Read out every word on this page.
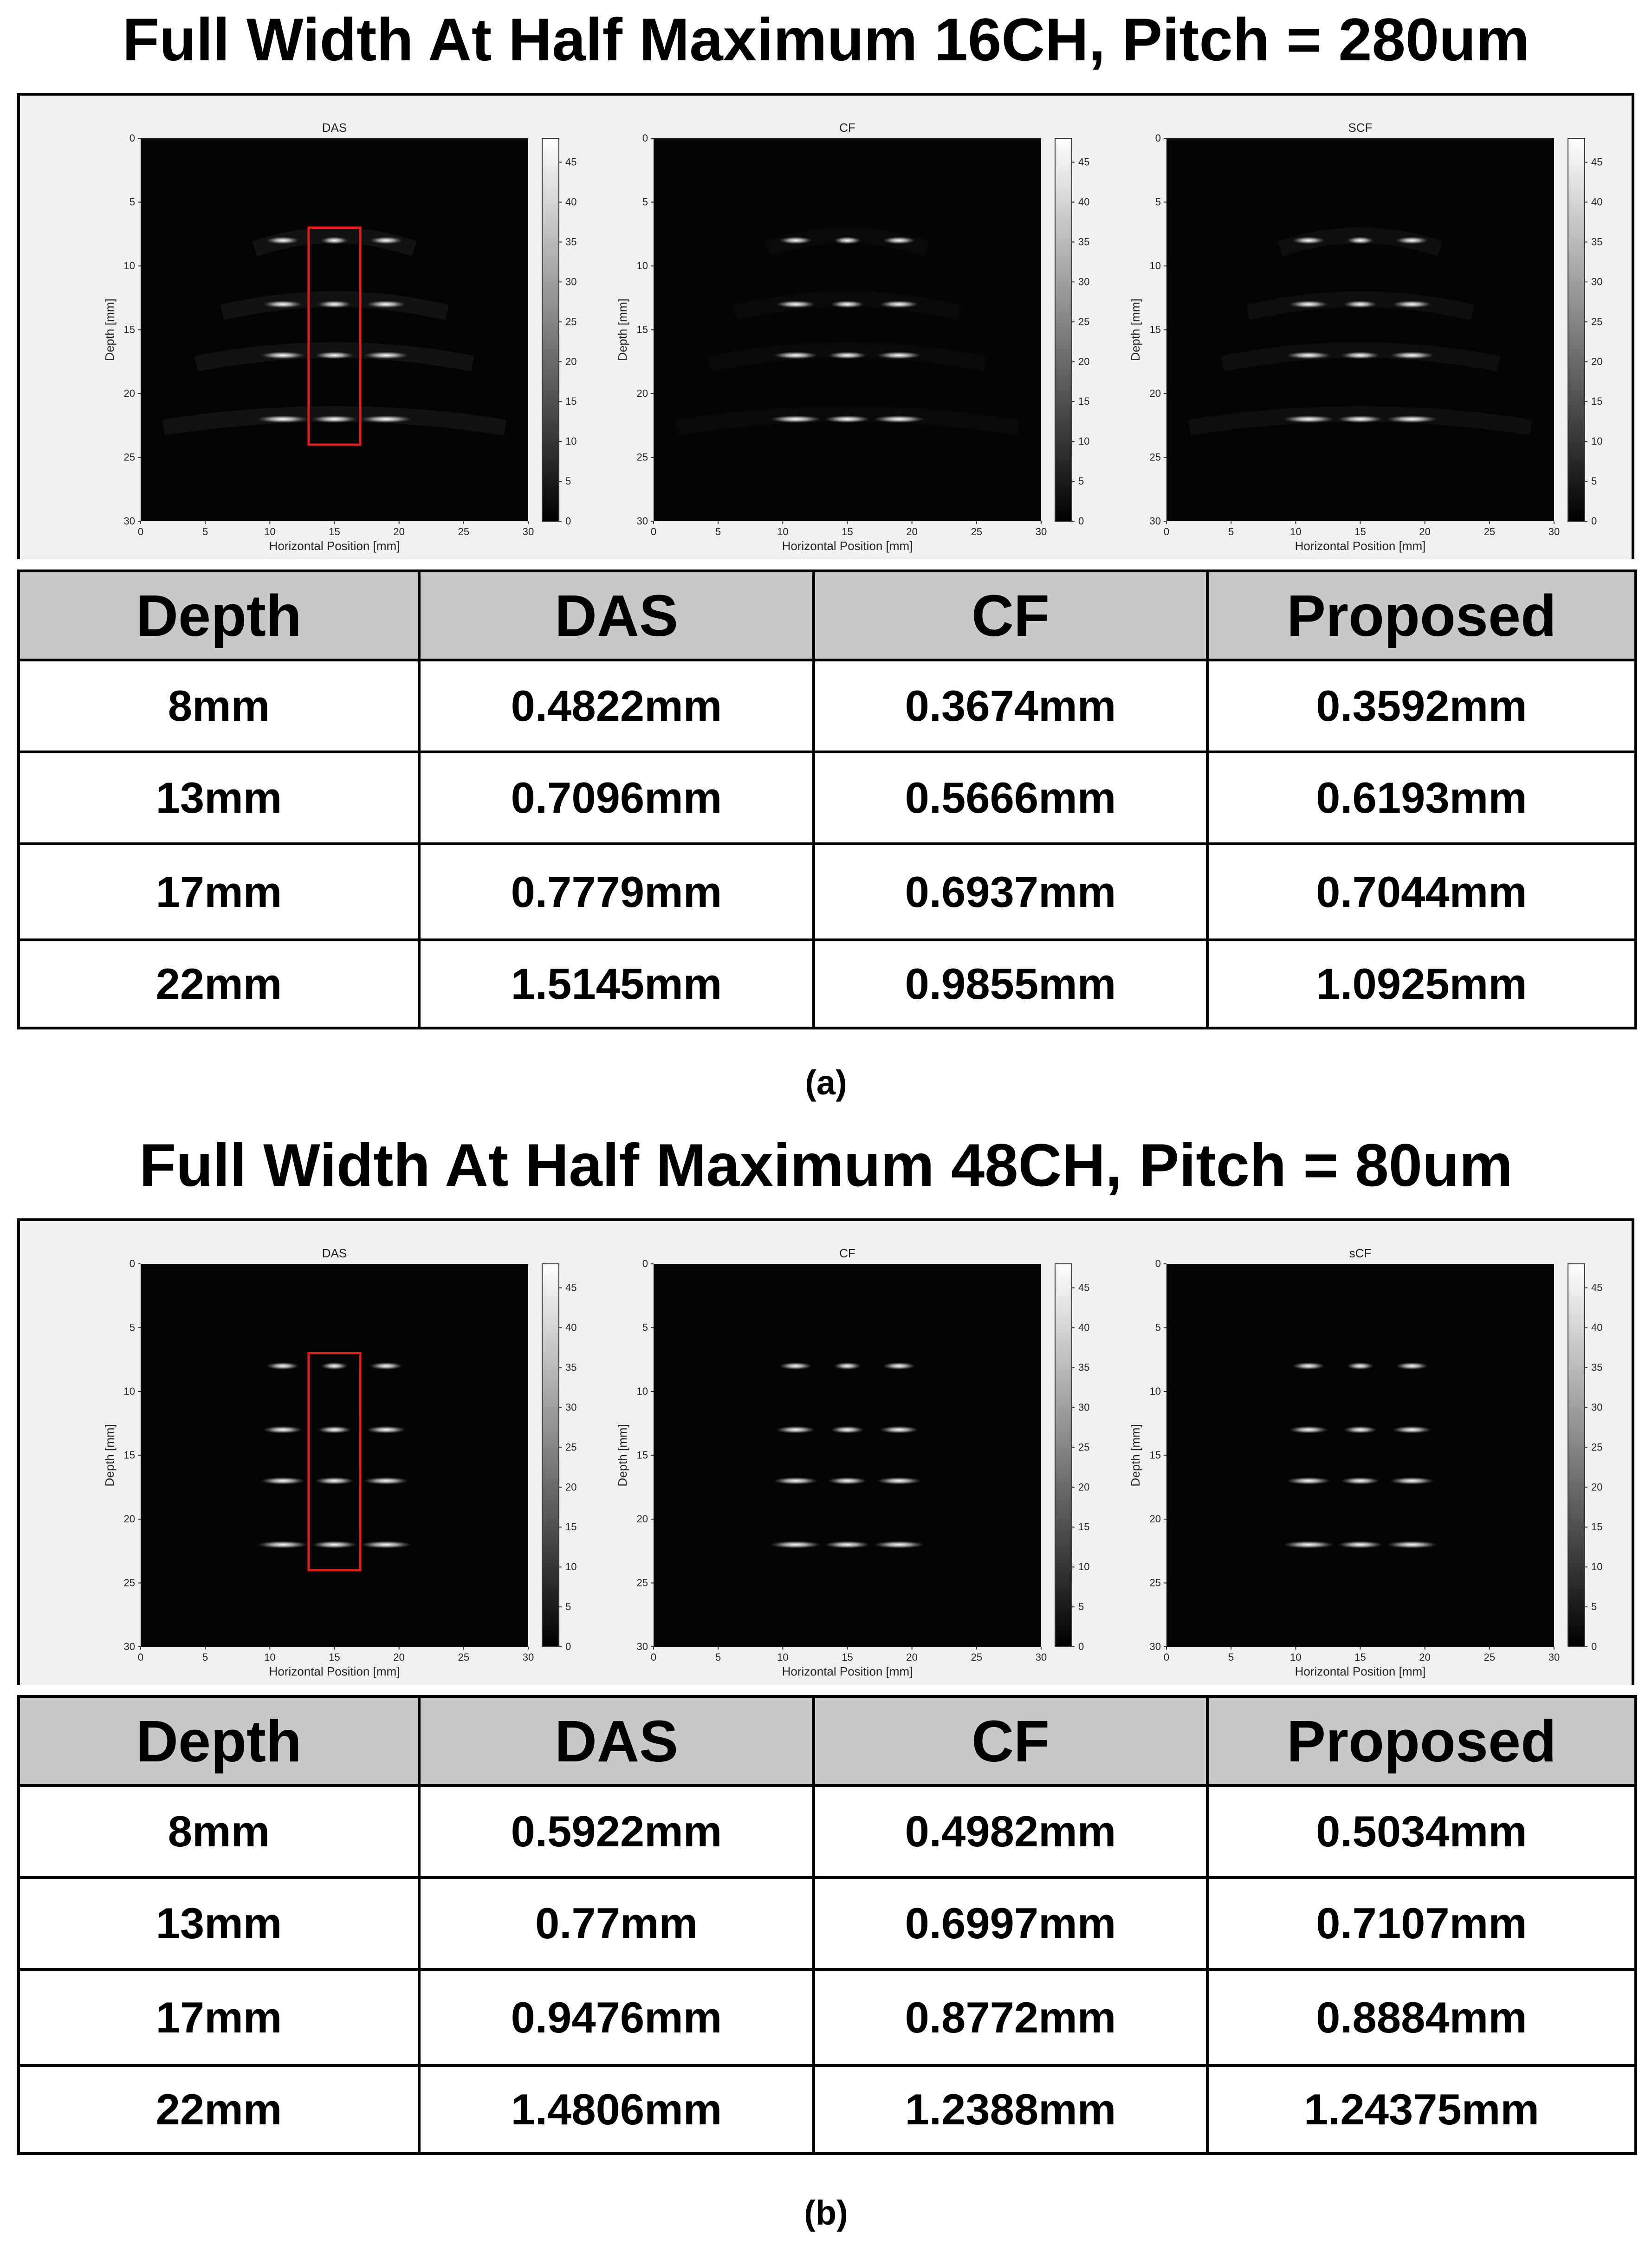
Full Width At Half Maximum 16CH, Pitch = 280um
DAS
0	5	10	15	20	25	30
0
5
10
15
20
25
30
Horizontal Position [mm]
Depth [mm]
0
5
10
15
20
25
30
35
40
45
CF
0	5	10	15	20	25	30
0
5
10
15
20
25
30
Horizontal Position [mm]
Depth [mm]
0
5
10
15
20
25
30
35
40
45
SCF
0	5	10	15	20	25	30
0
5
10
15
20
25
30
Horizontal Position [mm]
Depth [mm]
0
5
10
15
20
25
30
35
40
45
Depth	DAS	CF	Proposed
8mm	0.4822mm	0.3674mm	0.3592mm
13mm	0.7096mm	0.5666mm	0.6193mm
17mm	0.7779mm	0.6937mm	0.7044mm
22mm	1.5145mm	0.9855mm	1.0925mm
(a)
Full Width At Half Maximum 48CH, Pitch = 80um
DAS
0	5	10	15	20	25	30
0
5
10
15
20
25
30
Horizontal Position [mm]
Depth [mm]
0
5
10
15
20
25
30
35
40
45
CF
0	5	10	15	20	25	30
0
5
10
15
20
25
30
Horizontal Position [mm]
Depth [mm]
0
5
10
15
20
25
30
35
40
45
sCF
0	5	10	15	20	25	30
0
5
10
15
20
25
30
Horizontal Position [mm]
Depth [mm]
0
5
10
15
20
25
30
35
40
45
Depth	DAS	CF	Proposed
8mm	0.5922mm	0.4982mm	0.5034mm
13mm	0.77mm	0.6997mm	0.7107mm
17mm	0.9476mm	0.8772mm	0.8884mm
22mm	1.4806mm	1.2388mm	1.24375mm
(b)
